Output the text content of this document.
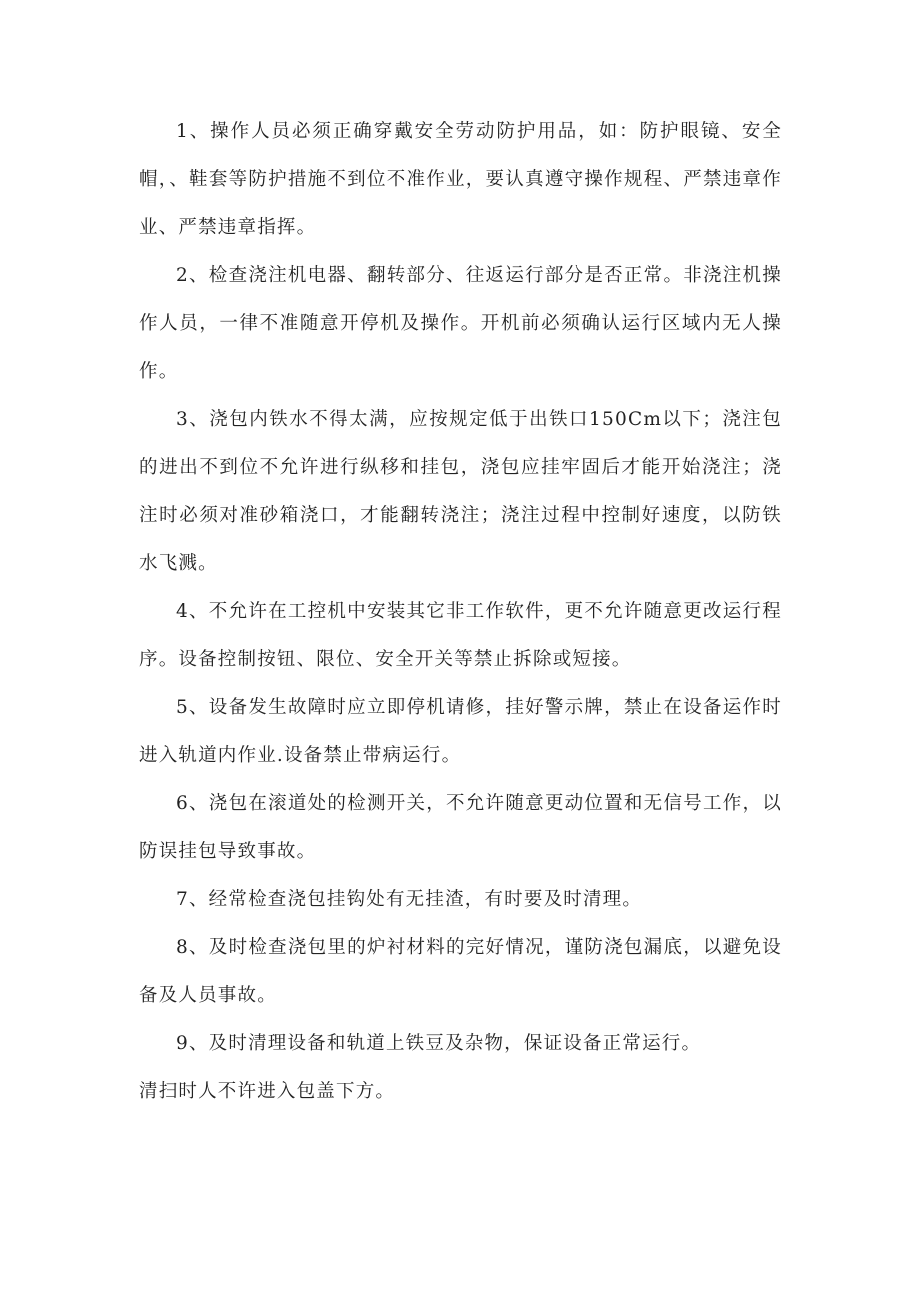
1、操作人员必须正确穿戴安全劳动防护用品，如：防护眼镜、安全帽，、鞋套等防护措施不到位不准作业，要认真遵守操作规程、严禁违章作业、严禁违章指挥。

2、检查浇注机电器、翻转部分、往返运行部分是否正常。非浇注机操作人员，一律不准随意开停机及操作。开机前必须确认运行区域内无人操作。

3、浇包内铁水不得太满，应按规定低于出铁口150Cm以下；浇注包的进出不到位不允许进行纵移和挂包，浇包应挂牢固后才能开始浇注；浇注时必须对准砂箱浇口，才能翻转浇注；浇注过程中控制好速度，以防铁水飞溅。

4、不允许在工控机中安装其它非工作软件，更不允许随意更改运行程序。设备控制按钮、限位、安全开关等禁止拆除或短接。

5、设备发生故障时应立即停机请修，挂好警示牌，禁止在设备运作时进入轨道内作业.设备禁止带病运行。

6、浇包在滚道处的检测开关，不允许随意更动位置和无信号工作，以防误挂包导致事故。

7、经常检查浇包挂钩处有无挂渣，有时要及时清理。

8、及时检查浇包里的炉衬材料的完好情况，谨防浇包漏底，以避免设备及人员事故。

9、及时清理设备和轨道上铁豆及杂物，保证设备正常运行。

清扫时人不许进入包盖下方。
